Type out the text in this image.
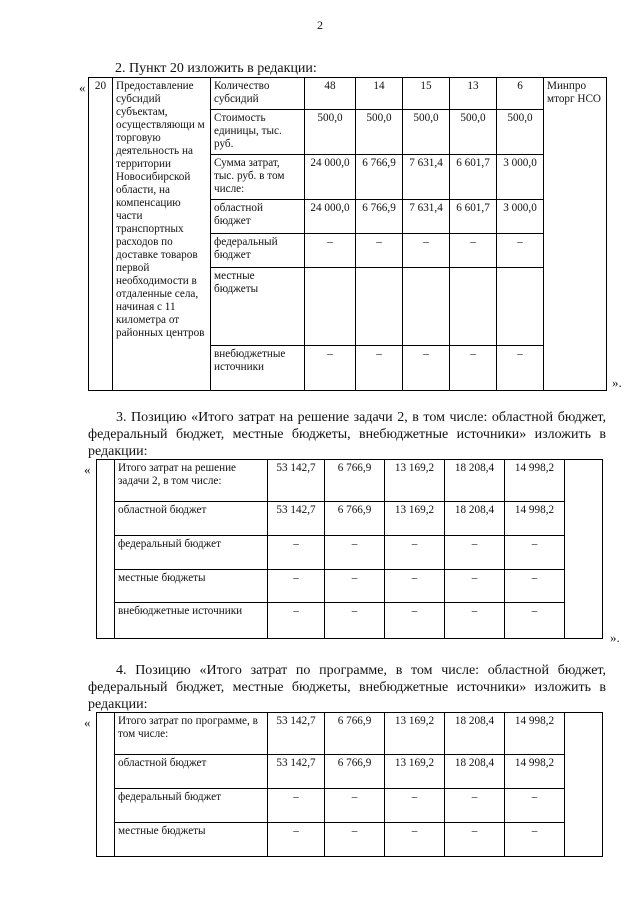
2
2. Пункт 20 изложить в редакции:
« 20	Предоставление субсидий субъектам, осуществляющи м торговую деятельность на территории Новосибирской области, на компенсацию части транспортных расходов по доставке товаров первой необходимости в отдаленные села, начиная с 11 километра от районных центров	Количество субсидий	48	14	15	13	6	Минпро мторг НСО
		Стоимость единицы, тыс. руб.	500,0	500,0	500,0	500,0	500,0	
		Сумма затрат, тыс. руб. в том числе:	24 000,0	6 766,9	7 631,4	6 601,7	3 000,0	
		областной бюджет	24 000,0	6 766,9	7 631,4	6 601,7	3 000,0	
		федеральный бюджет	–	–	–	–	–	
		местные бюджеты						
		внебюджетные источники	–	–	–	–	–	
».
3. Позицию «Итого затрат на решение задачи 2, в том числе: областной бюджет, федеральный бюджет, местные бюджеты, внебюджетные источники» изложить в редакции:
«
	Итого затрат на решение задачи 2, в том числе:	53 142,7	6 766,9	13 169,2	18 208,4	14 998,2	
	областной бюджет	53 142,7	6 766,9	13 169,2	18 208,4	14 998,2	
	федеральный бюджет	–	–	–	–	–	
	местные бюджеты	–	–	–	–	–	
	внебюджетные источники	–	–	–	–	–	
».
4. Позицию «Итого затрат по программе, в том числе: областной бюджет, федеральный бюджет, местные бюджеты, внебюджетные источники» изложить в редакции:
«
	Итого затрат по программе, в том числе:	53 142,7	6 766,9	13 169,2	18 208,4	14 998,2	
	областной бюджет	53 142,7	6 766,9	13 169,2	18 208,4	14 998,2	
	федеральный бюджет	–	–	–	–	–	
	местные бюджеты	–	–	–	–	–	
